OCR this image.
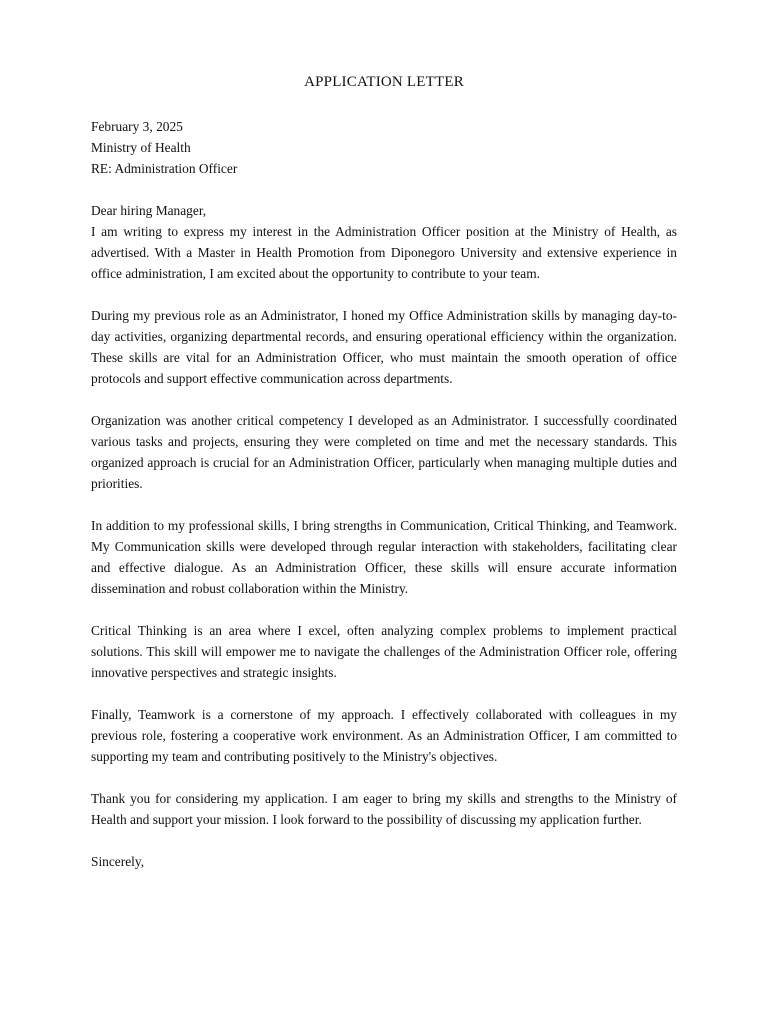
APPLICATION LETTER
February 3, 2025
Ministry of Health
RE: Administration Officer
Dear hiring Manager,

I am writing to express my interest in the Administration Officer position at the Ministry of Health, as advertised. With a Master in Health Promotion from Diponegoro University and extensive experience in office administration, I am excited about the opportunity to contribute to your team.

During my previous role as an Administrator, I honed my Office Administration skills by managing day-to-day activities, organizing departmental records, and ensuring operational efficiency within the organization. These skills are vital for an Administration Officer, who must maintain the smooth operation of office protocols and support effective communication across departments.

Organization was another critical competency I developed as an Administrator. I successfully coordinated various tasks and projects, ensuring they were completed on time and met the necessary standards. This organized approach is crucial for an Administration Officer, particularly when managing multiple duties and priorities.

In addition to my professional skills, I bring strengths in Communication, Critical Thinking, and Teamwork. My Communication skills were developed through regular interaction with stakeholders, facilitating clear and effective dialogue. As an Administration Officer, these skills will ensure accurate information dissemination and robust collaboration within the Ministry.

Critical Thinking is an area where I excel, often analyzing complex problems to implement practical solutions. This skill will empower me to navigate the challenges of the Administration Officer role, offering innovative perspectives and strategic insights.

Finally, Teamwork is a cornerstone of my approach. I effectively collaborated with colleagues in my previous role, fostering a cooperative work environment. As an Administration Officer, I am committed to supporting my team and contributing positively to the Ministry's objectives.

Thank you for considering my application. I am eager to bring my skills and strengths to the Ministry of Health and support your mission. I look forward to the possibility of discussing my application further.

Sincerely,
